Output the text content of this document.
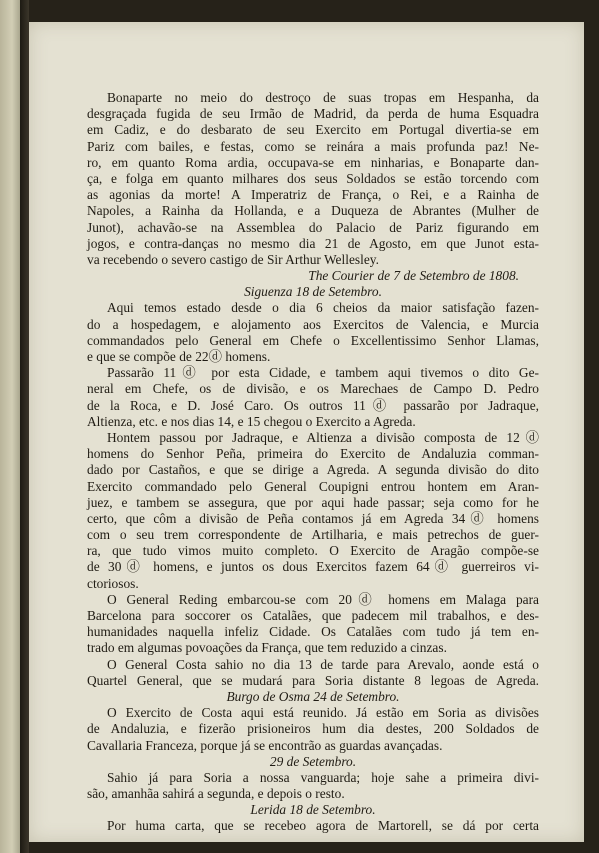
Bonaparte no meio do destroço de suas tropas em Hespanha, da
desgraçada fugida de seu Irmão de Madrid, da perda de huma Esquadra
em Cadiz, e do desbarato de seu Exercito em Portugal divertia-se em
Pariz com bailes, e festas, como se reinára a mais profunda paz! Ne-
ro, em quanto Roma ardia, occupava-se em ninharias, e Bonaparte dan-
ça, e folga em quanto milhares dos seus Soldados se estão torcendo com
as agonias da morte! A Imperatriz de França, o Rei, e a Rainha de
Napoles, a Rainha da Hollanda, e a Duqueza de Abrantes (Mulher de
Junot), achavão-se na Assemblea do Palacio de Pariz figurando em
jogos, e contra-danças no mesmo dia 21 de Agosto, em que Junot esta-
va recebendo o severo castigo de Sir Arthur Wellesley.
The Courier de 7 de Setembro de 1808.
Siguenza 18 de Setembro.
Aqui temos estado desde o dia 6 cheios da maior satisfação fazen-
do a hospedagem, e alojamento aos Exercitos de Valencia, e Murcia
commandados pelo General em Chefe o Excellentissimo Senhor Llamas,
e que se compõe de 22ⓓ homens.
Passarão 11ⓓ por esta Cidade, e tambem aqui tivemos o dito Ge-
neral em Chefe, os de divisão, e os Marechaes de Campo D. Pedro
de la Roca, e D. José Caro. Os outros 11ⓓ passarão por Jadraque,
Altienza, etc. e nos dias 14, e 15 chegou o Exercito a Agreda.
Hontem passou por Jadraque, e Altienza a divisão composta de 12ⓓ
homens do Senhor Peña, primeira do Exercito de Andaluzia comman-
dado por Castaños, e que se dirige a Agreda. A segunda divisão do dito
Exercito commandado pelo General Coupigni entrou hontem em Aran-
juez, e tambem se assegura, que por aqui hade passar; seja como for he
certo, que côm a divisão de Peña contamos já em Agreda 34ⓓ homens
com o seu trem correspondente de Artilharia, e mais petrechos de guer-
ra, que tudo vimos muito completo. O Exercito de Aragão compõe-se
de 30ⓓ homens, e juntos os dous Exercitos fazem 64ⓓ guerreiros vi-
ctoriosos.
O General Reding embarcou-se com 20ⓓ homens em Malaga para
Barcelona para soccorer os Catalães, que padecem mil trabalhos, e des-
humanidades naquella infeliz Cidade. Os Catalães com tudo já tem en-
trado em algumas povoações da França, que tem reduzido a cinzas.
O General Costa sahio no dia 13 de tarde para Arevalo, aonde está o
Quartel General, que se mudará para Soria distante 8 legoas de Agreda.
Burgo de Osma 24 de Setembro.
O Exercito de Costa aqui está reunido. Já estão em Soria as divisões
de Andaluzia, e fizerão prisioneiros hum dia destes, 200 Soldados de
Cavallaria Franceza, porque já se encontrão as guardas avançadas.
29 de Setembro.
Sahio já para Soria a nossa vanguarda; hoje sahe a primeira divi-
são, amanhãa sahirá a segunda, e depois o resto.
Lerida 18 de Setembro.
Por huma carta, que se recebeo agora de Martorell, se dá por certa
